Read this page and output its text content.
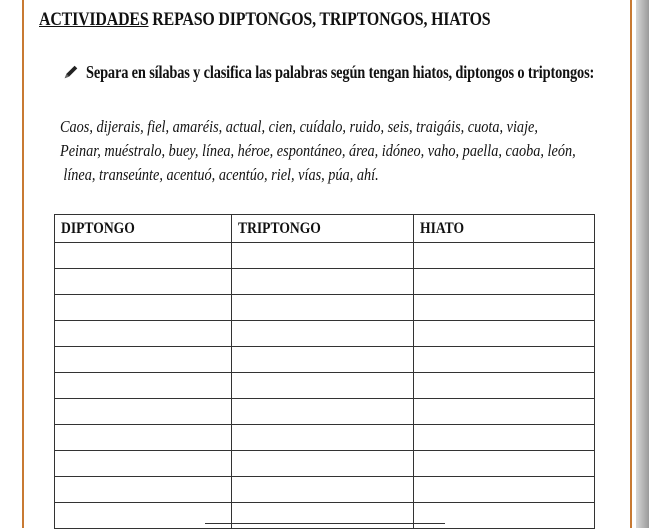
ACTIVIDADES REPASO DIPTONGOS, TRIPTONGOS, HIATOS
Separa en sílabas y clasifica las palabras según tengan hiatos, diptongos o triptongos:
Caos, dijerais, fiel, amaréis, actual, cien, cuídalo, ruido, seis, traigáis, cuota, viaje,
Peinar, muéstralo, buey, línea, héroe, espontáneo, área, idóneo, vaho, paella, caoba, león,
línea, transeúnte, acentuó, acentúo, riel, vías, púa, ahí.
DIPTONGO	TRIPTONGO	HIATO
